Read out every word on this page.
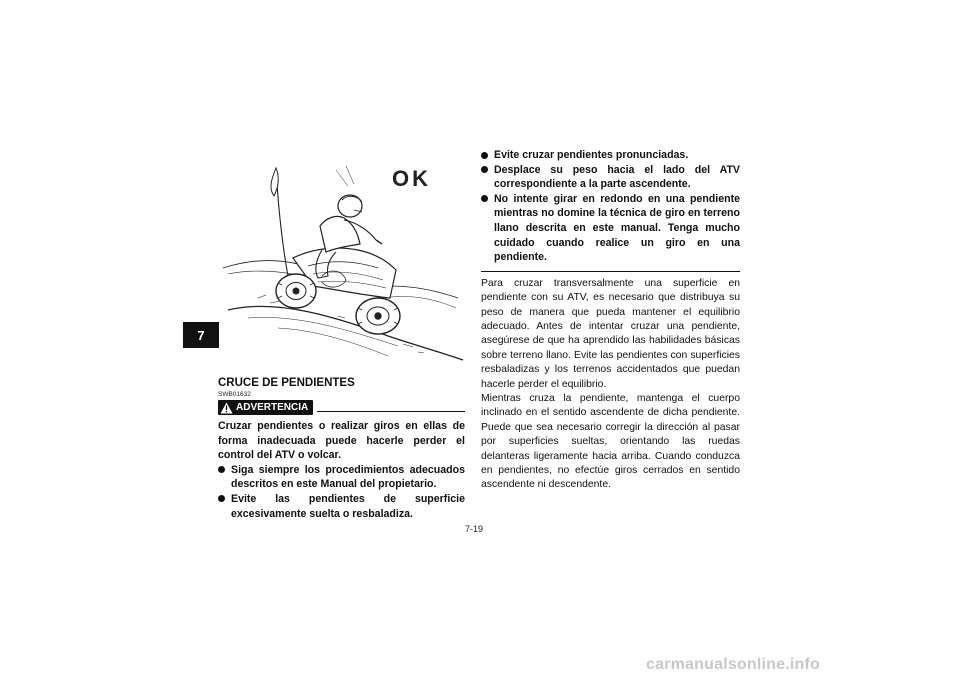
7
OK
CRUCE DE PENDIENTES
SWB01632
ADVERTENCIA

Cruzar pendientes o realizar giros en ellas de forma inadecuada puede hacerle perder el control del ATV o volcar.

Siga siempre los procedimientos adecuados descritos en este Manual del propietario.
Evite las pendientes de superficie excesivamente suelta o resbaladiza.
Evite cruzar pendientes pronunciadas.
Desplace su peso hacia el lado del ATV correspondiente a la parte ascendente.
No intente girar en redondo en una pendiente mientras no domine la técnica de giro en terreno llano descrita en este manual. Tenga mucho cuidado cuando realice un giro en una pendiente.

Para cruzar transversalmente una superficie en pendiente con su ATV, es necesario que distribuya su peso de manera que pueda mantener el equilibrio adecuado. Antes de intentar cruzar una pendiente, asegúrese de que ha aprendido las habilidades básicas sobre terreno llano. Evite las pendientes con superficies resbaladizas y los terrenos accidentados que puedan hacerle perder el equilibrio.

Mientras cruza la pendiente, mantenga el cuerpo inclinado en el sentido ascendente de dicha pendiente. Puede que sea necesario corregir la dirección al pasar por superficies sueltas, orientando las ruedas delanteras ligeramente hacia arriba. Cuando conduzca en pendientes, no efectúe giros cerrados en sentido ascendente ni descendente.

7-19
carmanualsonline.info
